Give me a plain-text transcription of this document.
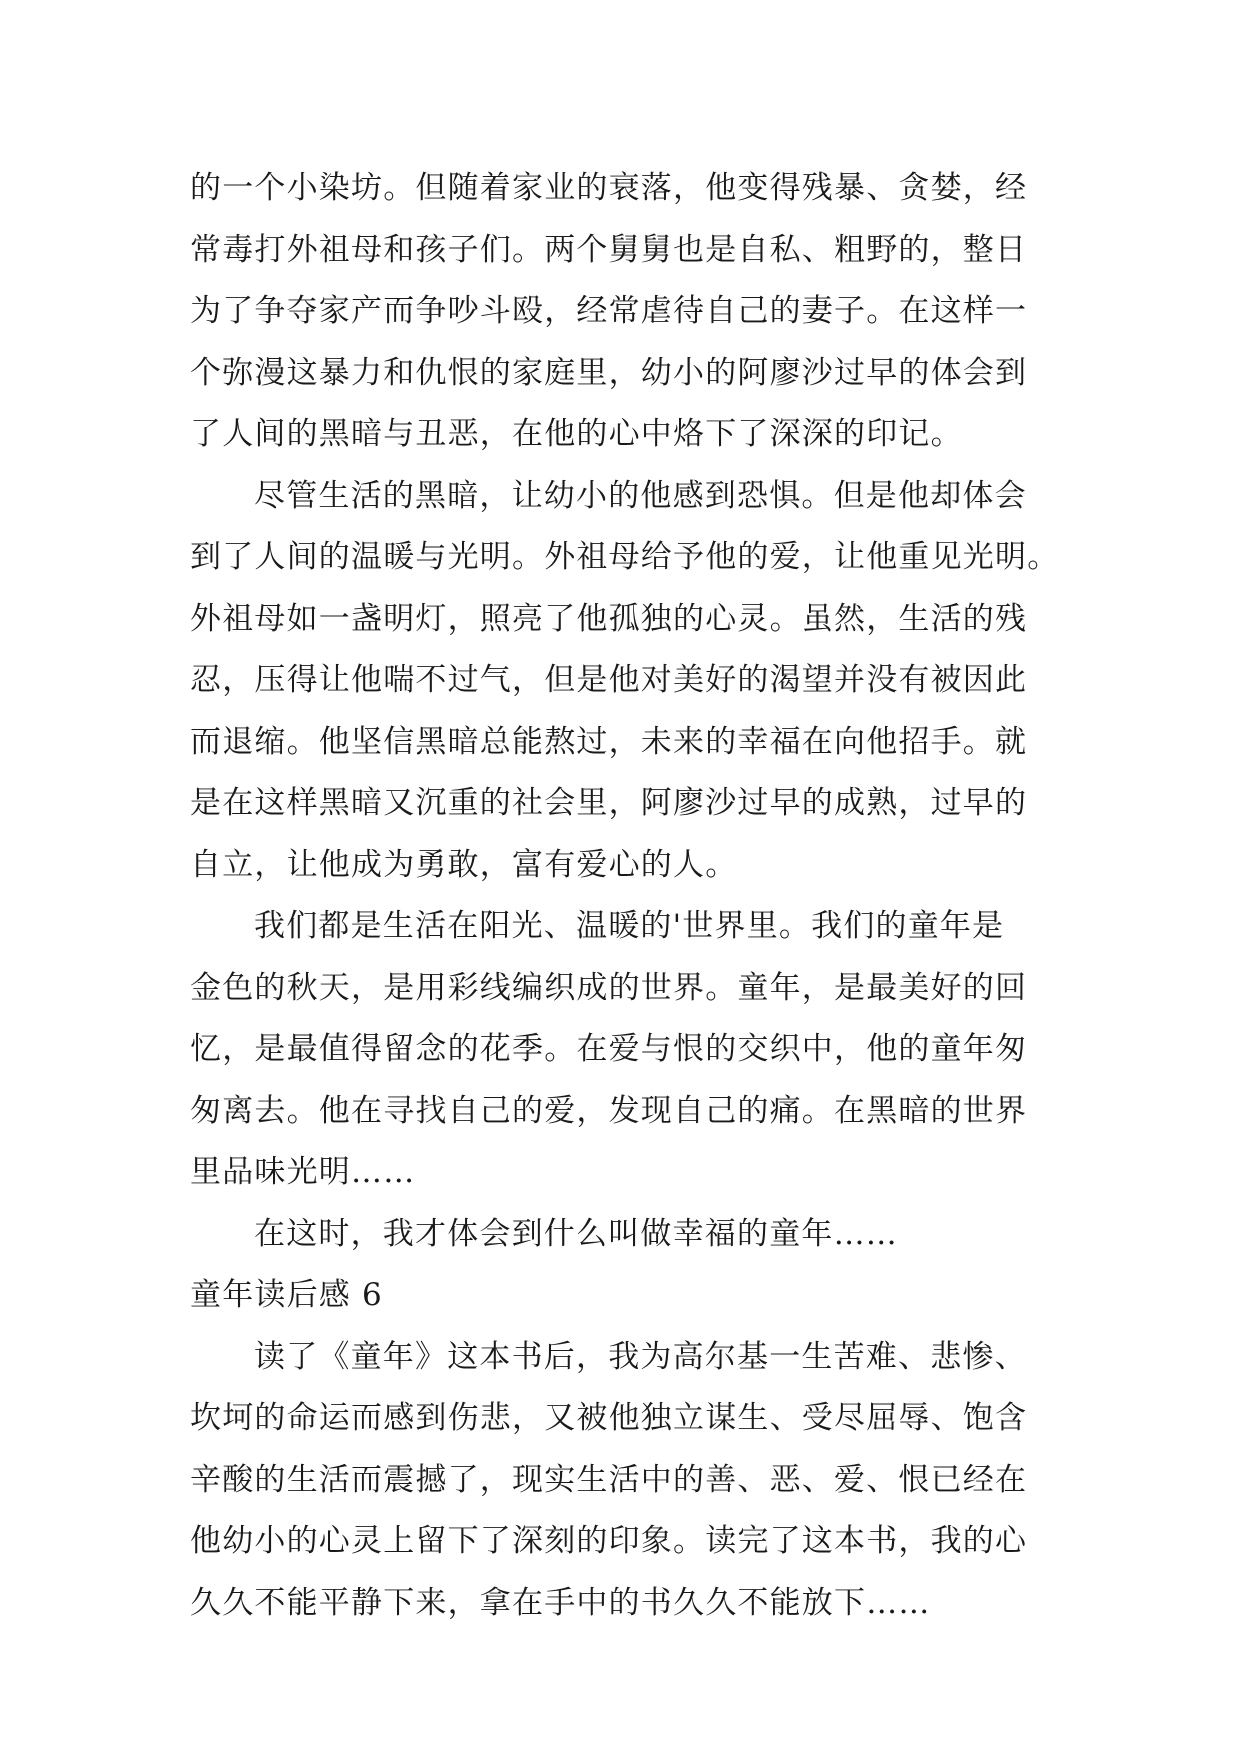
的一个小染坊。但随着家业的衰落，他变得残暴、贪婪，经
常毒打外祖母和孩子们。两个舅舅也是自私、粗野的，整日
为了争夺家产而争吵斗殴，经常虐待自己的妻子。在这样一
个弥漫这暴力和仇恨的家庭里，幼小的阿廖沙过早的体会到
了人间的黑暗与丑恶，在他的心中烙下了深深的印记。
尽管生活的黑暗，让幼小的他感到恐惧。但是他却体会
到了人间的温暖与光明。外祖母给予他的爱，让他重见光明。
外祖母如一盏明灯，照亮了他孤独的心灵。虽然，生活的残
忍，压得让他喘不过气，但是他对美好的渴望并没有被因此
而退缩。他坚信黑暗总能熬过，未来的幸福在向他招手。就
是在这样黑暗又沉重的社会里，阿廖沙过早的成熟，过早的
自立，让他成为勇敢，富有爱心的人。
我们都是生活在阳光、温暖的'世界里。我们的童年是
金色的秋天，是用彩线编织成的世界。童年，是最美好的回
忆，是最值得留念的花季。在爱与恨的交织中，他的童年匆
匆离去。他在寻找自己的爱，发现自己的痛。在黑暗的世界
里品味光明……
在这时，我才体会到什么叫做幸福的童年……
童年读后感 6
读了《童年》这本书后，我为高尔基一生苦难、悲惨、
坎坷的命运而感到伤悲，又被他独立谋生、受尽屈辱、饱含
辛酸的生活而震撼了，现实生活中的善、恶、爱、恨已经在
他幼小的心灵上留下了深刻的印象。读完了这本书，我的心
久久不能平静下来，拿在手中的书久久不能放下……
